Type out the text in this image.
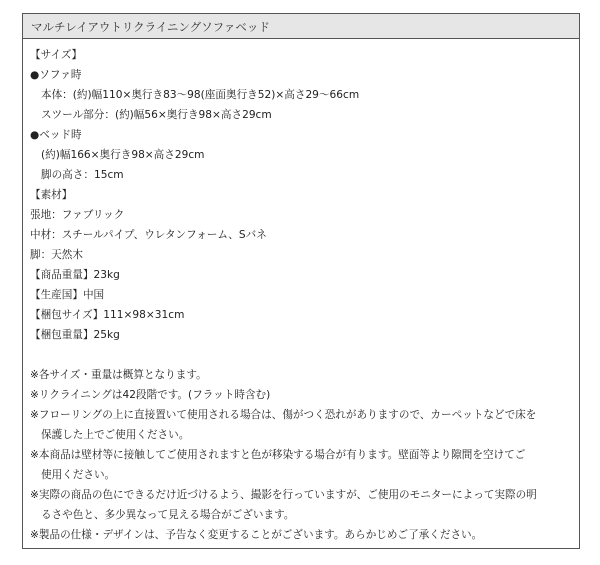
マルチレイアウトリクライニングソファベッド
【サイズ】
●ソファ時
本体：(約)幅110×奥行き83～98(座面奥行き52)×高さ29～66cm
スツール部分：(約)幅56×奥行き98×高さ29cm
●ベッド時
(約)幅166×奥行き98×高さ29cm
脚の高さ：15cm
【素材】
張地：ファブリック
中材：スチールパイプ、ウレタンフォーム、Sバネ
脚：天然木
【商品重量】23kg
【生産国】中国
【梱包サイズ】111×98×31cm
【梱包重量】25kg
※各サイズ・重量は概算となります。
※リクライニングは42段階です。(フラット時含む)
※フローリングの上に直接置いて使用される場合は、傷がつく恐れがありますので、カーペットなどで床を
保護した上でご使用ください。
※本商品は壁材等に接触してご使用されますと色が移染する場合が有ります。壁面等より隙間を空けてご
使用ください。
※実際の商品の色にできるだけ近づけるよう、撮影を行っていますが、ご使用のモニターによって実際の明
るさや色と、多少異なって見える場合がございます。
※製品の仕様・デザインは、予告なく変更することがございます。あらかじめご了承ください。
